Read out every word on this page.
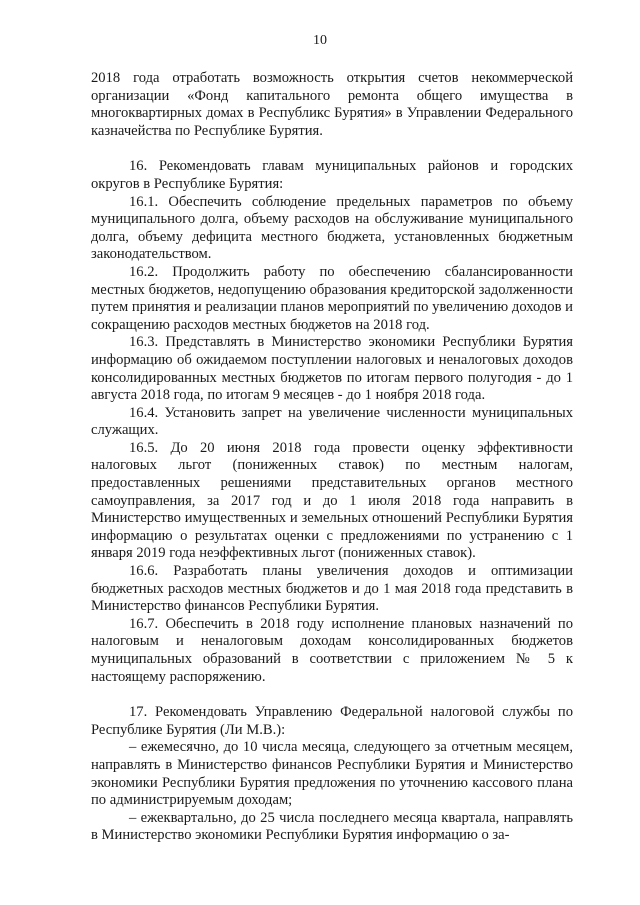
10

2018 года отработать возможность открытия счетов некоммерческой организации «Фонд капитального ремонта общего имущества в многоквартирных домах в Республикс Бурятия» в Управлении Федерального казначейства по Республике Бурятия.

16. Рекомендовать главам муниципальных районов и городских округов в Республике Бурятия:

16.1. Обеспечить соблюдение предельных параметров по объему муниципального долга, объему расходов на обслуживание муниципального долга, объему дефицита местного бюджета, установленных бюджетным законодательством.

16.2. Продолжить работу по обеспечению сбалансированности местных бюджетов, недопущению образования кредиторской задолженности путем принятия и реализации планов мероприятий по увеличению доходов и сокращению расходов местных бюджетов на 2018 год.

16.3. Представлять в Министерство экономики Республики Бурятия информацию об ожидаемом поступлении налоговых и неналоговых доходов консолидированных местных бюджетов по итогам первого полугодия - до 1 августа 2018 года, по итогам 9 месяцев - до 1 ноября 2018 года.

16.4. Установить запрет на увеличение численности муниципальных служащих.

16.5. До 20 июня 2018 года провести оценку эффективности налоговых льгот (пониженных ставок) по местным налогам, предоставленных решениями представительных органов местного самоуправления, за 2017 год и до 1 июля 2018 года направить в Министерство имущественных и земельных отношений Республики Бурятия информацию о результатах оценки с предложениями по устранению с 1 января 2019 года неэффективных льгот (пониженных ставок).

16.6. Разработать планы увеличения доходов и оптимизации бюджетных расходов местных бюджетов и до 1 мая 2018 года представить в Министерство финансов Республики Бурятия.

16.7. Обеспечить в 2018 году исполнение плановых назначений по налоговым и неналоговым доходам консолидированных бюджетов муниципальных образований в соответствии с приложением № 5 к настоящему распоряжению.

17. Рекомендовать Управлению Федеральной налоговой службы по Республике Бурятия (Ли М.В.):

– ежемесячно, до 10 числа месяца, следующего за отчетным месяцем, направлять в Министерство финансов Республики Бурятия и Министерство экономики Республики Бурятия предложения по уточнению кассового плана по администрируемым доходам;

– ежеквартально, до 25 числа последнего месяца квартала, направлять в Министерство экономики Республики Бурятия информацию о за-
